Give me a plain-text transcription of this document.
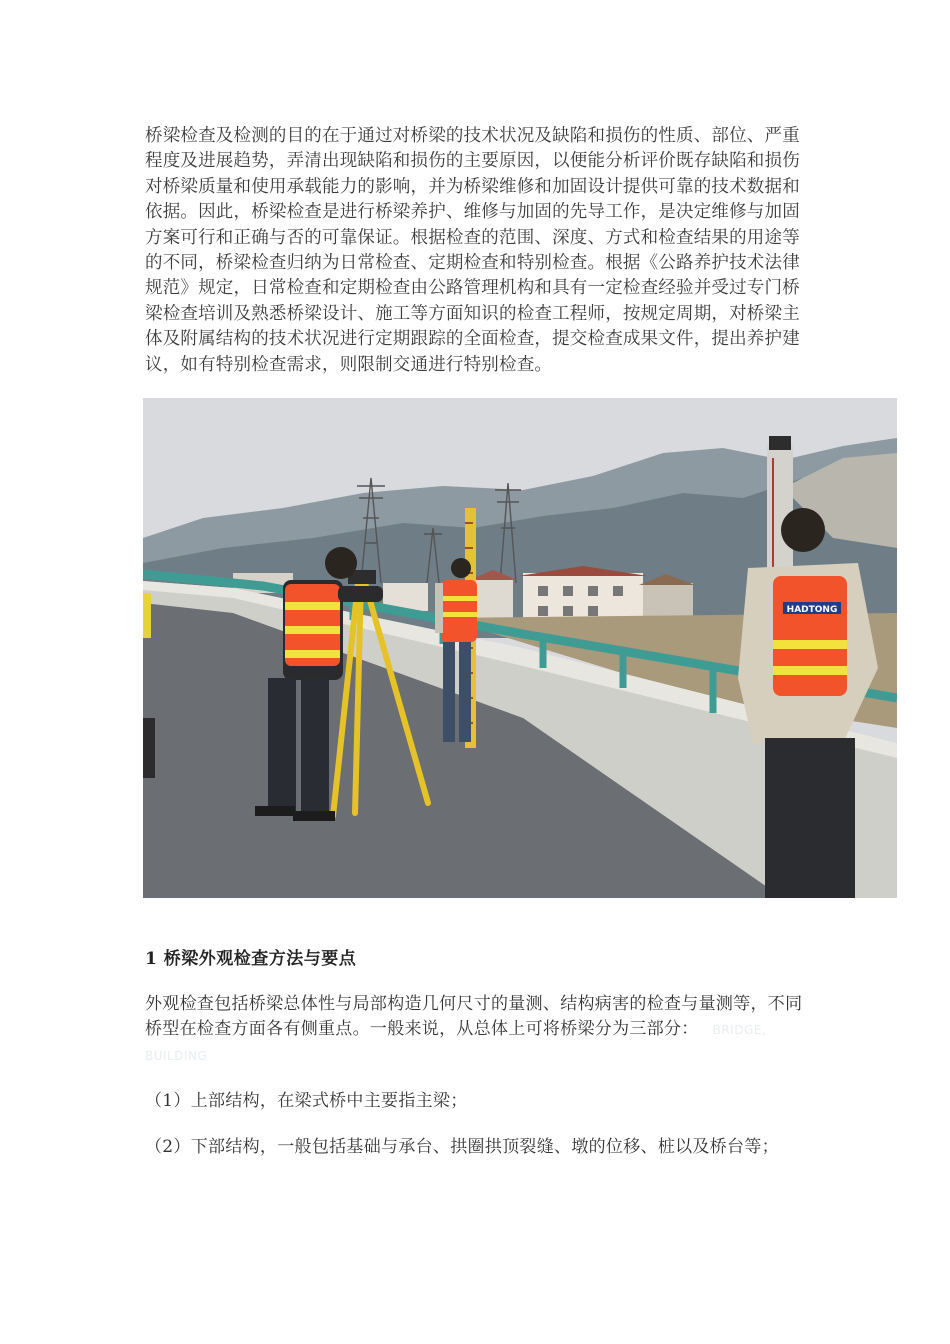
桥梁检查及检测的目的在于通过对桥梁的技术状况及缺陷和损伤的性质、部位、严重程度及进展趋势，弄清出现缺陷和损伤的主要原因，以便能分析评价既存缺陷和损伤对桥梁质量和使用承载能力的影响，并为桥梁维修和加固设计提供可靠的技术数据和依据。因此，桥梁检查是进行桥梁养护、维修与加固的先导工作，是决定维修与加固方案可行和正确与否的可靠保证。根据检查的范围、深度、方式和检查结果的用途等的不同，桥梁检查归纳为日常检查、定期检查和特别检查。根据《公路养护技术法律规范》规定，日常检查和定期检查由公路管理机构和具有一定检查经验并受过专门桥梁检查培训及熟悉桥梁设计、施工等方面知识的检查工程师，按规定周期，对桥梁主体及附属结构的技术状况进行定期跟踪的全面检查，提交检查成果文件，提出养护建议，如有特别检查需求，则限制交通进行特别检查。

HADTONG
1 桥梁外观检查方法与要点

外观检查包括桥梁总体性与局部构造几何尺寸的量测、结构病害的检查与量测等，不同桥型在检查方面各有侧重点。一般来说，从总体上可将桥梁分为三部分： BRIDGE, BUILDING

（1）上部结构，在梁式桥中主要指主梁；

（2）下部结构，一般包括基础与承台、拱圈拱顶裂缝、墩的位移、桩以及桥台等；
